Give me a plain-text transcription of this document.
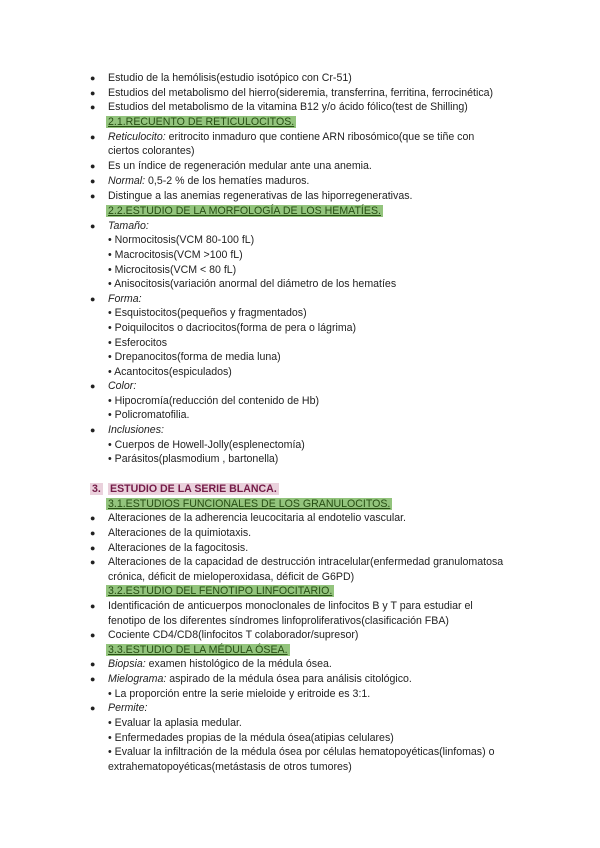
● Estudio de la hemólisis(estudio isotópico con Cr-51)
● Estudios del metabolismo del hierro(sideremia, transferrina, ferritina, ferrocinética)
● Estudios del metabolismo de la vitamina B12 y/o ácido fólico(test de Shilling)
2.1.RECUENTO DE RETICULOCITOS.
● Reticulocito: eritrocito inmaduro que contiene ARN ribosómico(que se tiñe con
ciertos colorantes)
● Es un índice de regeneración medular ante una anemia.
● Normal: 0,5-2 % de los hematíes maduros.
● Distingue a las anemias regenerativas de las hiporregenerativas.
2.2.ESTUDIO DE LA MORFOLOGÍA DE LOS HEMATÍES.
● Tamaño:
• Normocitosis(VCM 80-100 fL)
• Macrocitosis(VCM >100 fL)
• Microcitosis(VCM < 80 fL)
• Anisocitosis(variación anormal del diámetro de los hematíes
● Forma:
• Esquistocitos(pequeños y fragmentados)
• Poiquilocitos o dacriocitos(forma de pera o lágrima)
• Esferocitos
• Drepanocitos(forma de media luna)
• Acantocitos(espiculados)
● Color:
• Hipocromía(reducción del contenido de Hb)
• Policromatofilia.
● Inclusiones:
• Cuerpos de Howell-Jolly(esplenectomía)
• Parásitos(plasmodium , bartonella)
3. ESTUDIO DE LA SERIE BLANCA.
3.1.ESTUDIOS FUNCIONALES DE LOS GRANULOCITOS.
● Alteraciones de la adherencia leucocitaria al endotelio vascular.
● Alteraciones de la quimiotaxis.
● Alteraciones de la fagocitosis.
● Alteraciones de la capacidad de destrucción intracelular(enfermedad granulomatosa
crónica, déficit de mieloperoxidasa, déficit de G6PD)
3.2.ESTUDIO DEL FENOTIPO LINFOCITARIO.
● Identificación de anticuerpos monoclonales de linfocitos B y T para estudiar el
fenotipo de los diferentes síndromes linfoproliferativos(clasificación FBA)
● Cociente CD4/CD8(linfocitos T colaborador/supresor)
3.3.ESTUDIO DE LA MÉDULA ÓSEA.
● Biopsia: examen histológico de la médula ósea.
● Mielograma: aspirado de la médula ósea para análisis citológico.
• La proporción entre la serie mieloide y eritroide es 3:1.
● Permite:
• Evaluar la aplasia medular.
• Enfermedades propias de la médula ósea(atipias celulares)
• Evaluar la infiltración de la médula ósea por células hematopoyéticas(linfomas) o
extrahematopoyéticas(metástasis de otros tumores)
